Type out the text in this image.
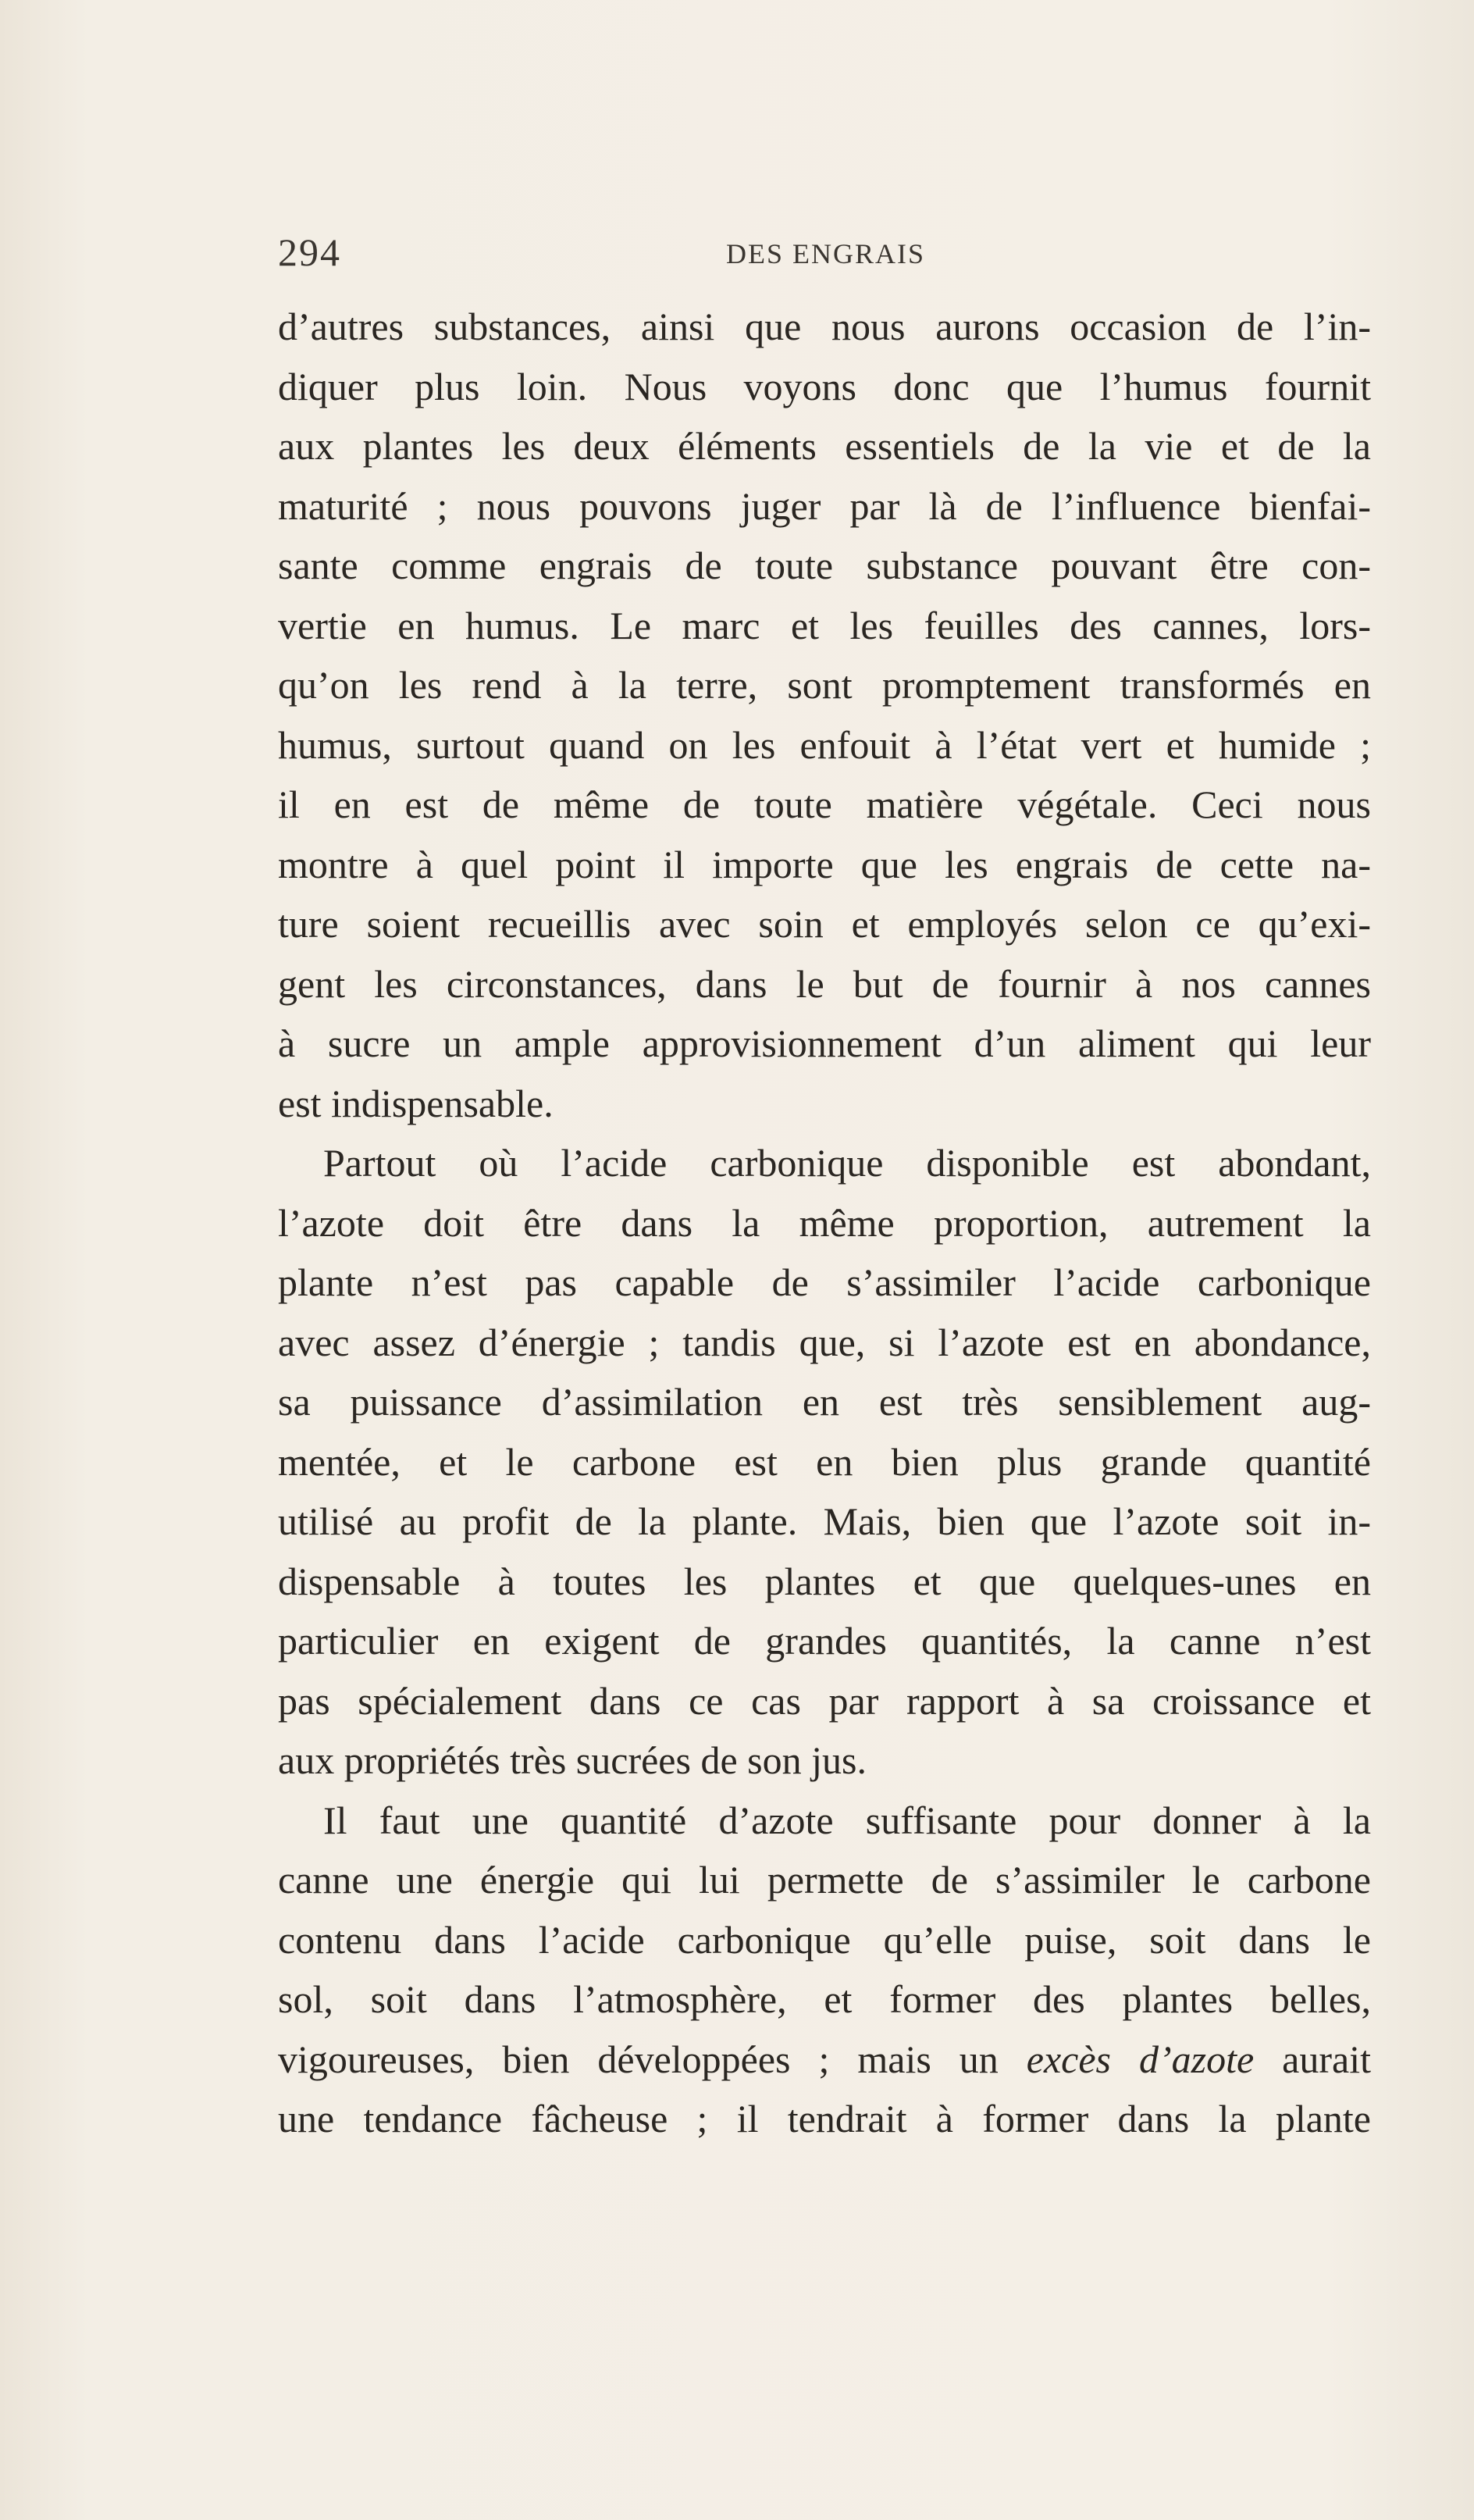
294	DES ENGRAIS
d’autres substances, ainsi que nous aurons occasion de l’in-
diquer plus loin. Nous voyons donc que l’humus fournit
aux plantes les deux éléments essentiels de la vie et de la
maturité ; nous pouvons juger par là de l’influence bienfai-
sante comme engrais de toute substance pouvant être con-
vertie en humus. Le marc et les feuilles des cannes, lors-
qu’on les rend à la terre, sont promptement transformés en
humus, surtout quand on les enfouit à l’état vert et humide ;
il en est de même de toute matière végétale. Ceci nous
montre à quel point il importe que les engrais de cette na-
ture soient recueillis avec soin et employés selon ce qu’exi-
gent les circonstances, dans le but de fournir à nos cannes
à sucre un ample approvisionnement d’un aliment qui leur
est indispensable.
Partout où l’acide carbonique disponible est abondant,
l’azote doit être dans la même proportion, autrement la
plante n’est pas capable de s’assimiler l’acide carbonique
avec assez d’énergie ; tandis que, si l’azote est en abondance,
sa puissance d’assimilation en est très sensiblement aug-
mentée, et le carbone est en bien plus grande quantité
utilisé au profit de la plante. Mais, bien que l’azote soit in-
dispensable à toutes les plantes et que quelques-unes en
particulier en exigent de grandes quantités, la canne n’est
pas spécialement dans ce cas par rapport à sa croissance et
aux propriétés très sucrées de son jus.
Il faut une quantité d’azote suffisante pour donner à la
canne une énergie qui lui permette de s’assimiler le carbone
contenu dans l’acide carbonique qu’elle puise, soit dans le
sol, soit dans l’atmosphère, et former des plantes belles,
vigoureuses, bien développées ; mais un excès d’azote aurait
une tendance fâcheuse ; il tendrait à former dans la plante
